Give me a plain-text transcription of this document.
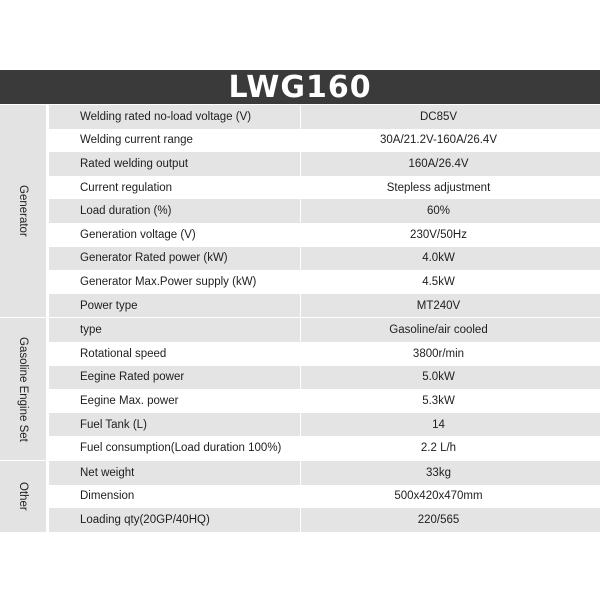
LWG160
Generator
Welding rated no-load voltage (V)	DC85V
Welding current range	30A/21.2V-160A/26.4V
Rated welding output	160A/26.4V
Current regulation	Stepless adjustment
Load duration (%)	60%
Generation voltage (V)	230V/50Hz
Generator Rated power (kW)	4.0kW
Generator Max.Power supply (kW)	4.5kW
Power type	MT240V
Gasoline Engine Set
type	Gasoline/air cooled
Rotational speed	3800r/min
Eegine Rated power	5.0kW
Eegine Max. power	5.3kW
Fuel Tank (L)	14
Fuel consumption(Load duration 100%)	2.2 L/h
Other
Net weight	33kg
Dimension	500x420x470mm
Loading qty(20GP/40HQ)	220/565
